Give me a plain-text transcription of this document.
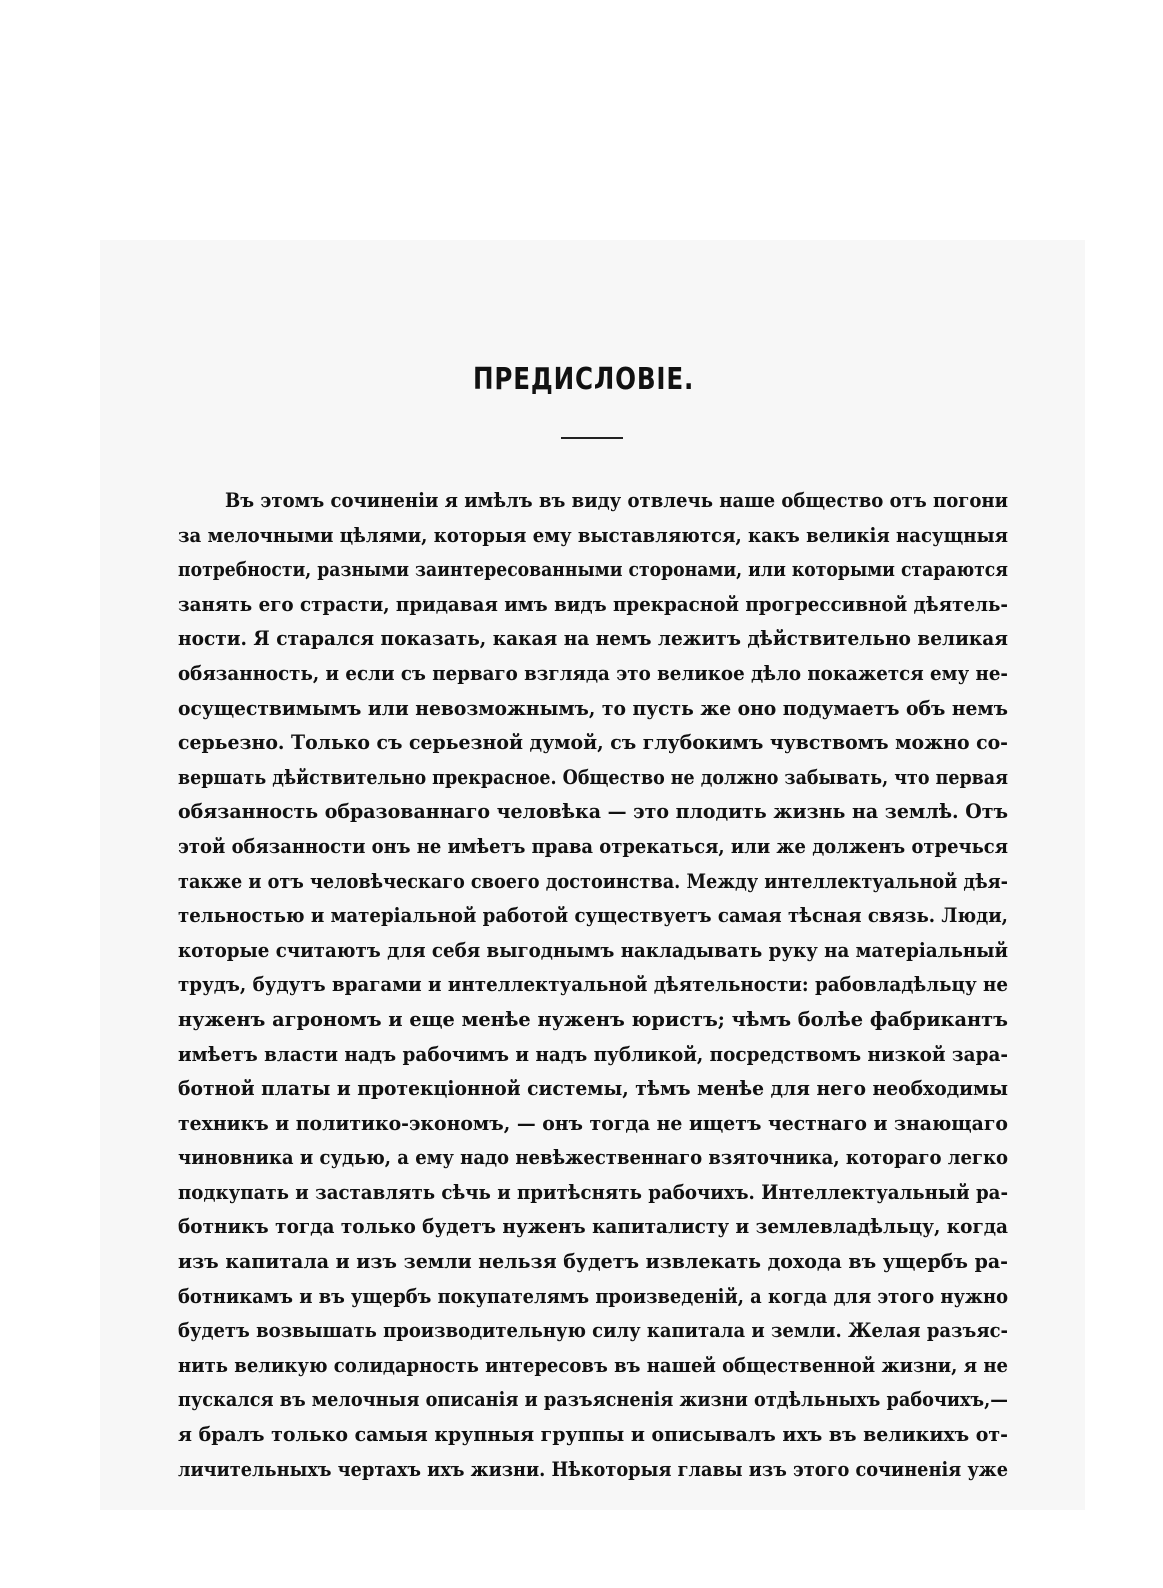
ПРЕДИСЛОВІЕ.
Въ этомъ сочиненіи я имѣлъ въ виду отвлечь наше общество отъ погони
за мелочными цѣлями, которыя ему выставляются, какъ великія насущныя
потребности, разными заинтересованными сторонами, или которыми стараются
занять его страсти, придавая имъ видъ прекрасной прогрессивной дѣятель-
ности. Я старался показать, какая на немъ лежитъ дѣйствительно великая
обязанность, и если съ перваго взгляда это великое дѣло покажется ему не-
осуществимымъ или невозможнымъ, то пусть же оно подумаетъ объ немъ
серьезно. Только съ серьезной думой, съ глубокимъ чувствомъ можно со-
вершать дѣйствительно прекрасное. Общество не должно забывать, что первая
обязанность образованнаго человѣка — это плодить жизнь на землѣ. Отъ
этой обязанности онъ не имѣетъ права отрекаться, или же долженъ отречься
также и отъ человѣческаго своего достоинства. Между интеллектуальной дѣя-
тельностью и матеріальной работой существуетъ самая тѣсная связь. Люди,
которые считаютъ для себя выгоднымъ накладывать руку на матеріальный
трудъ, будутъ врагами и интеллектуальной дѣятельности: рабовладѣльцу не
нуженъ агрономъ и еще менѣе нуженъ юристъ; чѣмъ болѣе фабрикантъ
имѣетъ власти надъ рабочимъ и надъ публикой, посредствомъ низкой зара-
ботной платы и протекціонной системы, тѣмъ менѣе для него необходимы
техникъ и политико-экономъ, — онъ тогда не ищетъ честнаго и знающаго
чиновника и судью, а ему надо невѣжественнаго взяточника, котораго легко
подкупать и заставлять сѣчь и притѣснять рабочихъ. Интеллектуальный ра-
ботникъ тогда только будетъ нуженъ капиталисту и землевладѣльцу, когда
изъ капитала и изъ земли нельзя будетъ извлекать дохода въ ущербъ ра-
ботникамъ и въ ущербъ покупателямъ произведеній, а когда для этого нужно
будетъ возвышать производительную силу капитала и земли. Желая разъяс-
нить великую солидарность интересовъ въ нашей общественной жизни, я не
пускался въ мелочныя описанія и разъясненія жизни отдѣльныхъ рабочихъ,—
я бралъ только самыя крупныя группы и описывалъ ихъ въ великихъ от-
личительныхъ чертахъ ихъ жизни. Нѣкоторыя главы изъ этого сочиненія уже
